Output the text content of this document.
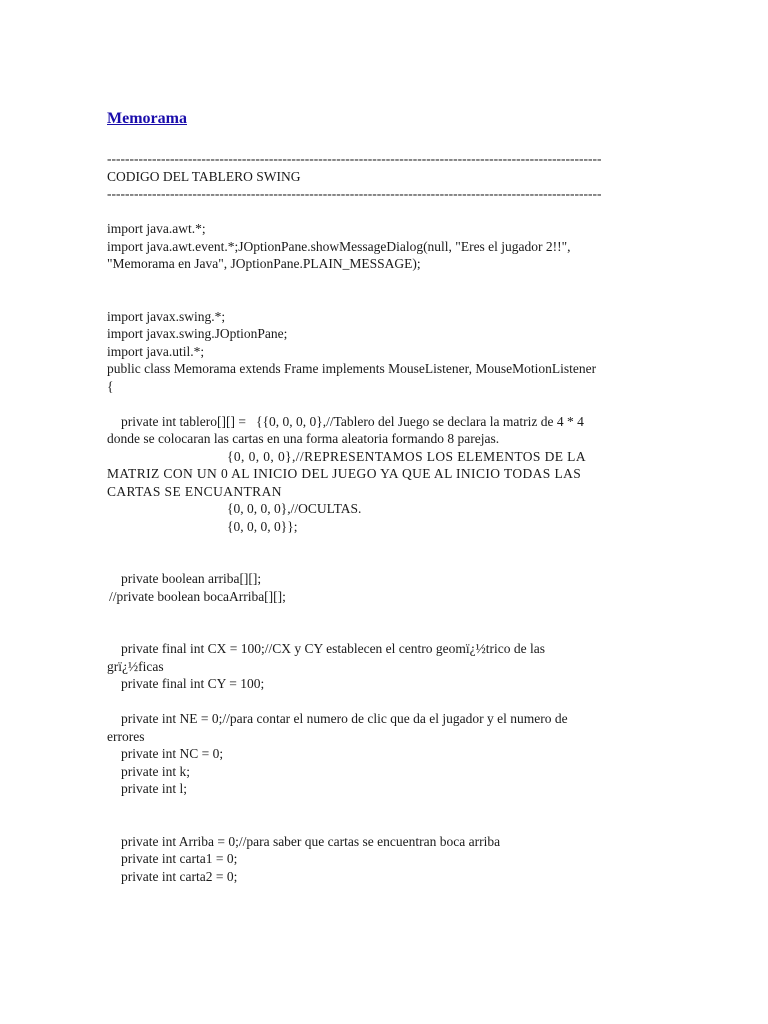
Memorama
--------------------------------------------------------------------------------------------------------------
CODIGO DEL TABLERO SWING
--------------------------------------------------------------------------------------------------------------
import java.awt.*;
import java.awt.event.*;JOptionPane.showMessageDialog(null, "Eres el jugador 2!!",
"Memorama en Java", JOptionPane.PLAIN_MESSAGE);
import javax.swing.*;
import javax.swing.JOptionPane;
import java.util.*;
public class Memorama extends Frame implements MouseListener, MouseMotionListener
{
private int tablero[][] =   {{0, 0, 0, 0},//Tablero del Juego se declara la matriz de 4 * 4
donde se colocaran las cartas en una forma aleatoria formando 8 parejas.
{0, 0, 0, 0},//REPRESENTAMOS LOS ELEMENTOS DE LA
MATRIZ CON UN 0 AL INICIO DEL JUEGO YA QUE AL INICIO TODAS LAS
CARTAS SE ENCUANTRAN
{0, 0, 0, 0},//OCULTAS.
{0, 0, 0, 0}};
private boolean arriba[][];
//private boolean bocaArriba[][];
private final int CX = 100;//CX y CY establecen el centro geomï¿½trico de las
grï¿½ficas
private final int CY = 100;
private int NE = 0;//para contar el numero de clic que da el jugador y el numero de
errores
private int NC = 0;
private int k;
private int l;
private int Arriba = 0;//para saber que cartas se encuentran boca arriba
private int carta1 = 0;
private int carta2 = 0;
